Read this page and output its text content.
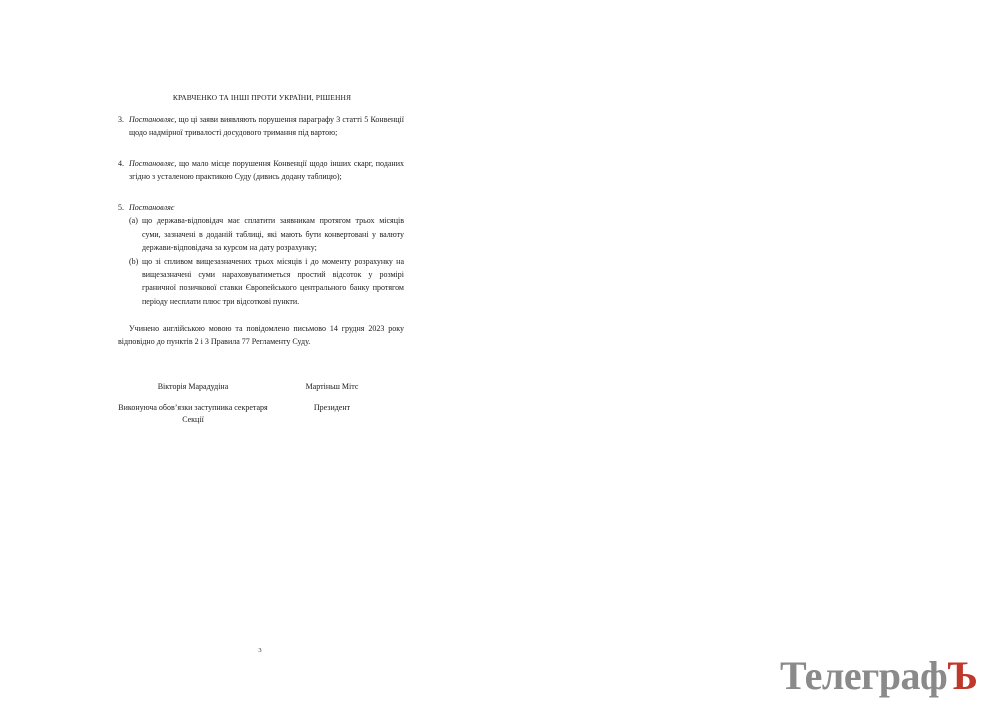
КРАВЧЕНКО ТА ІНШІ ПРОТИ УКРАЇНИ, РІШЕННЯ
3. Постановляє, що ці заяви виявляють порушення параграфу 3 статті 5 Конвенції щодо надмірної тривалості досудового тримання під вартою;
4. Постановляє, що мало місце порушення Конвенції щодо інших скарг, поданих згідно з усталеною практикою Суду (дивись додану таблицю);
5. Постановляє
(a) що держава-відповідач має сплатити заявникам протягом трьох місяців суми, зазначені в доданій таблиці, які мають бути конвертовані у валюту держави-відповідача за курсом на дату розрахунку;
(b) що зі спливом вищезазначених трьох місяців і до моменту розрахунку на вищезазначені суми нараховуватиметься простий відсоток у розмірі граничної позичкової ставки Європейського центрального банку протягом періоду несплати плюс три відсоткові пункти.
Учинено англійською мовою та повідомлено письмово 14 грудня 2023 року відповідно до пунктів 2 і 3 Правила 77 Регламенту Суду.
Вікторія Марадудіна
Виконуюча обов’язки заступника секретаря Секції
Мартіньш Мітс
Президент
3
ТелеграфЪ
